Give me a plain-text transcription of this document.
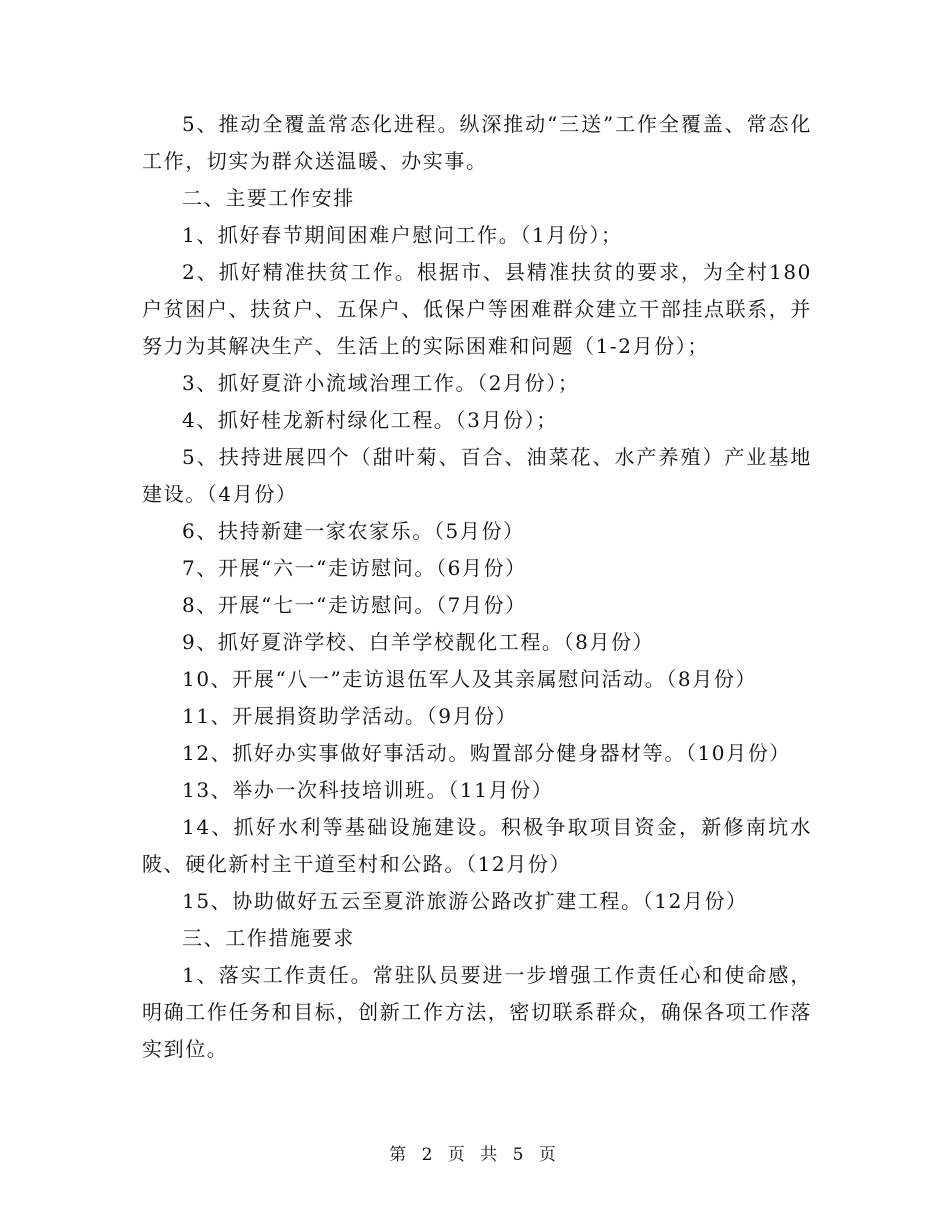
5、推动全覆盖常态化进程。纵深推动“三送”工作全覆盖、常态化工作，切实为群众送温暖、办实事。

二、主要工作安排

1、抓好春节期间困难户慰问工作。（1月份）；

2、抓好精准扶贫工作。根据市、县精准扶贫的要求，为全村180户贫困户、扶贫户、五保户、低保户等困难群众建立干部挂点联系，并努力为其解决生产、生活上的实际困难和问题（1-2月份）；

3、抓好夏浒小流域治理工作。（2月份）；

4、抓好桂龙新村绿化工程。（3月份）；

5、扶持进展四个（甜叶菊、百合、油菜花、水产养殖）产业基地建设。（4月份）

6、扶持新建一家农家乐。（5月份）

7、开展“六一“走访慰问。（6月份）

8、开展“七一“走访慰问。（7月份）

9、抓好夏浒学校、白羊学校靓化工程。（8月份）

10、开展“八一”走访退伍军人及其亲属慰问活动。（8月份）

11、开展捐资助学活动。（9月份）

12、抓好办实事做好事活动。购置部分健身器材等。（10月份）

13、举办一次科技培训班。（11月份）

14、抓好水利等基础设施建设。积极争取项目资金，新修南坑水陂、硬化新村主干道至村和公路。（12月份）

15、协助做好五云至夏浒旅游公路改扩建工程。（12月份）

三、工作措施要求

1、落实工作责任。常驻队员要进一步增强工作责任心和使命感，明确工作任务和目标，创新工作方法，密切联系群众，确保各项工作落实到位。

第 2 页 共 5 页
